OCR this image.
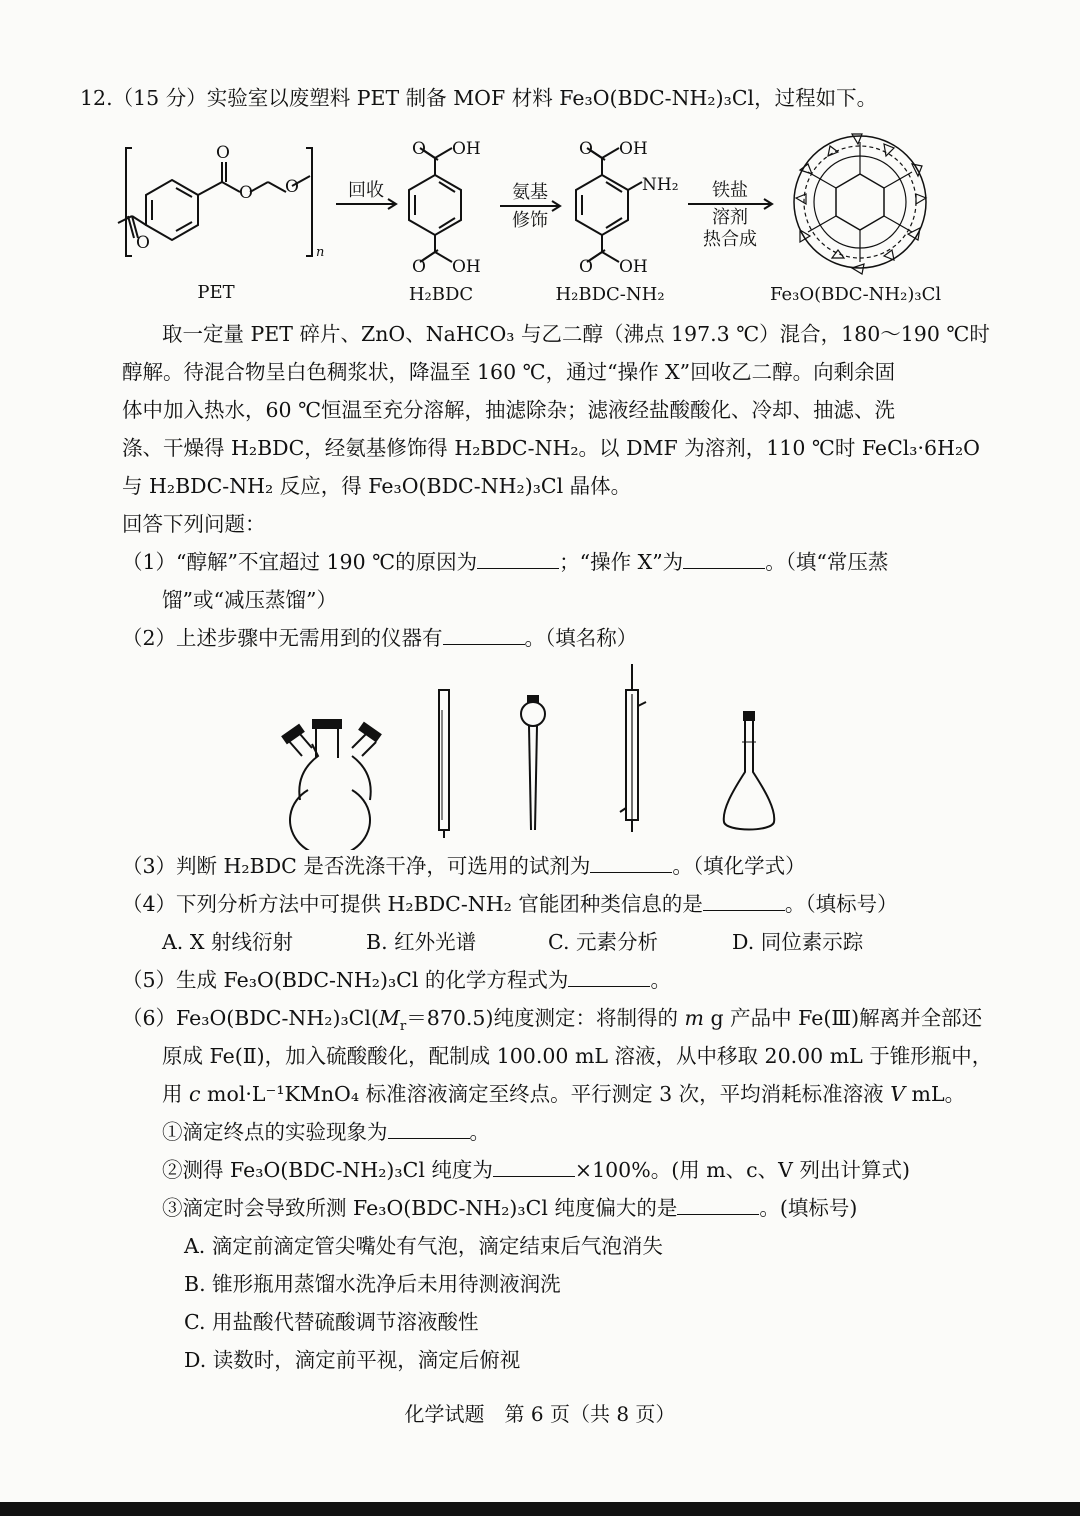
12.（15 分）实验室以废塑料 PET 制备 MOF 材料 Fe₃O(BDC-NH₂)₃Cl，过程如下。
O
O
O O
n
O OH
O OH
O OH
NH₂
O OH
回收	氨基
修饰
铁盐
溶剂
热合成
PET	H₂BDC	H₂BDC-NH₂	Fe₃O(BDC-NH₂)₃Cl
取一定量 PET 碎片、ZnO、NaHCO₃ 与乙二醇（沸点 197.3 ℃）混合，180～190 ℃时
醇解。待混合物呈白色稠浆状，降温至 160 ℃，通过“操作 X”回收乙二醇。向剩余固
体中加入热水，60 ℃恒温至充分溶解，抽滤除杂；滤液经盐酸酸化、冷却、抽滤、洗
涤、干燥得 H₂BDC，经氨基修饰得 H₂BDC-NH₂。以 DMF 为溶剂，110 ℃时 FeCl₃·6H₂O
与 H₂BDC-NH₂ 反应，得 Fe₃O(BDC-NH₂)₃Cl 晶体。
回答下列问题：
（1）“醇解”不宜超过 190 ℃的原因为	；“操作 X”为	。（填“常压蒸
馏”或“减压蒸馏”）
（2）上述步骤中无需用到的仪器有	。（填名称）
（3）判断 H₂BDC 是否洗涤干净，可选用的试剂为	。（填化学式）
（4）下列分析方法中可提供 H₂BDC-NH₂ 官能团种类信息的是	。（填标号）
A. X 射线衍射	B. 红外光谱	C. 元素分析	D. 同位素示踪
（5）生成 Fe₃O(BDC-NH₂)₃Cl 的化学方程式为	。
$(6)Fe_3O(BDC-NH_2)_3Cl(M_r=870.5)$纯度测定：将制得的 m g 产品中 Fe(Ⅲ)解离并全部还
原成 Fe(Ⅱ)，加入硫酸酸化，配制成 100.00 mL 溶液，从中移取 20.00 mL 于锥形瓶中，
用 c mol·L⁻¹KMnO₄ 标准溶液滴定至终点。平行测定 3 次，平均消耗标准溶液 V mL。
①滴定终点的实验现象为	。
②测得 Fe₃O(BDC-NH₂)₃Cl 纯度为	×100%。(用 m、c、V 列出计算式)
③滴定时会导致所测 Fe₃O(BDC-NH₂)₃Cl 纯度偏大的是	。(填标号)
A. 滴定前滴定管尖嘴处有气泡，滴定结束后气泡消失
B. 锥形瓶用蒸馏水洗净后未用待测液润洗
C. 用盐酸代替硫酸调节溶液酸性
D. 读数时，滴定前平视，滴定后俯视
化学试题　第 6 页（共 8 页）
